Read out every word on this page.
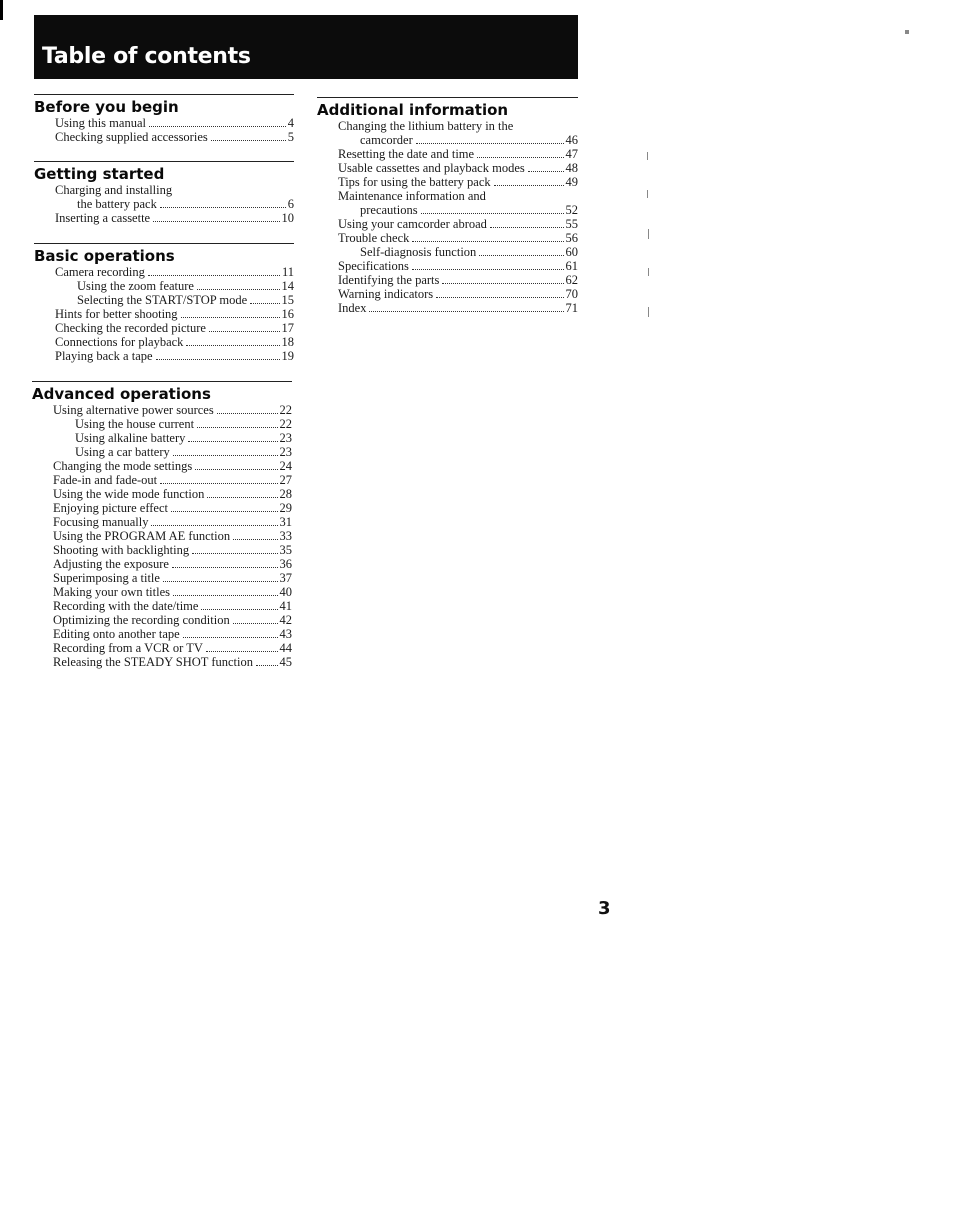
Table of contents
Before you begin
Using this manual	4
Checking supplied accessories	5
Getting started
Charging and installing
the battery pack	6
Inserting a cassette	10
Basic operations
Camera recording	11
Using the zoom feature	14
Selecting the START/STOP mode	15
Hints for better shooting	16
Checking the recorded picture	17
Connections for playback	18
Playing back a tape	19
Advanced operations
Using alternative power sources	22
Using the house current	22
Using alkaline battery	23
Using a car battery	23
Changing the mode settings	24
Fade-in and fade-out	27
Using the wide mode function	28
Enjoying picture effect	29
Focusing manually	31
Using the PROGRAM AE function	33
Shooting with backlighting	35
Adjusting the exposure	36
Superimposing a title	37
Making your own titles	40
Recording with the date/time	41
Optimizing the recording condition	42
Editing onto another tape	43
Recording from a VCR or TV	44
Releasing the STEADY SHOT function 45
Additional information
Changing the lithium battery in the
camcorder	46
Resetting the date and time	47
Usable cassettes and playback modes	48
Tips for using the battery pack	49
Maintenance information and
precautions	52
Using your camcorder abroad	55
Trouble check	56
Self-diagnosis function	60
Specifications	61
Identifying the parts	62
Warning indicators	70
Index	71
3
